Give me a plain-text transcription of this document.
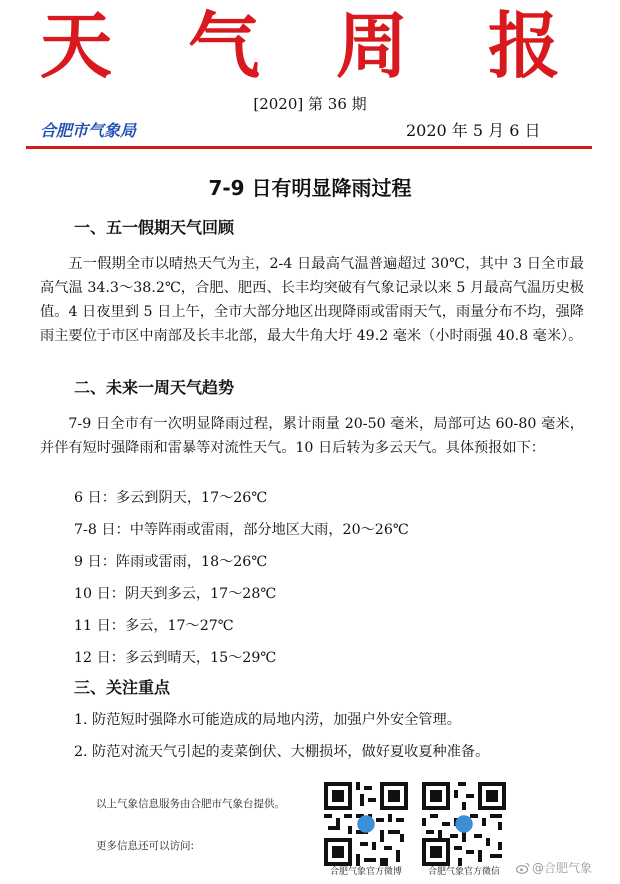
天 气 周 报
[2020] 第 36 期
合肥市气象局	2020 年 5 月 6 日
7-9 日有明显降雨过程
一、五一假期天气回顾
五一假期全市以晴热天气为主，2-4 日最高气温普遍超过 30℃，其中 3 日全市最高气温 34.3～38.2℃，合肥、肥西、长丰均突破有气象记录以来 5 月最高气温历史极值。4 日夜里到 5 日上午，全市大部分地区出现降雨或雷雨天气，雨量分布不均，强降雨主要位于市区中南部及长丰北部，最大牛角大圩 49.2 毫米（小时雨强 40.8 毫米）。
二、未来一周天气趋势
7-9 日全市有一次明显降雨过程，累计雨量 20-50 毫米，局部可达 60-80 毫米，并伴有短时强降雨和雷暴等对流性天气。10 日后转为多云天气。具体预报如下：
6 日：多云到阴天，17～26℃
7-8 日：中等阵雨或雷雨，部分地区大雨，20～26℃
9 日：阵雨或雷雨，18～26℃
10 日：阴天到多云，17～28℃
11 日：多云，17～27℃
12 日：多云到晴天，15～29℃
三、关注重点
1. 防范短时强降水可能造成的局地内涝，加强户外安全管理。
2. 防范对流天气引起的麦菜倒伏、大棚损坏，做好夏收夏种准备。
以上气象信息服务由合肥市气象台提供。
更多信息还可以访问:
合肥气象官方微博	合肥气象官方微信	@合肥气象
